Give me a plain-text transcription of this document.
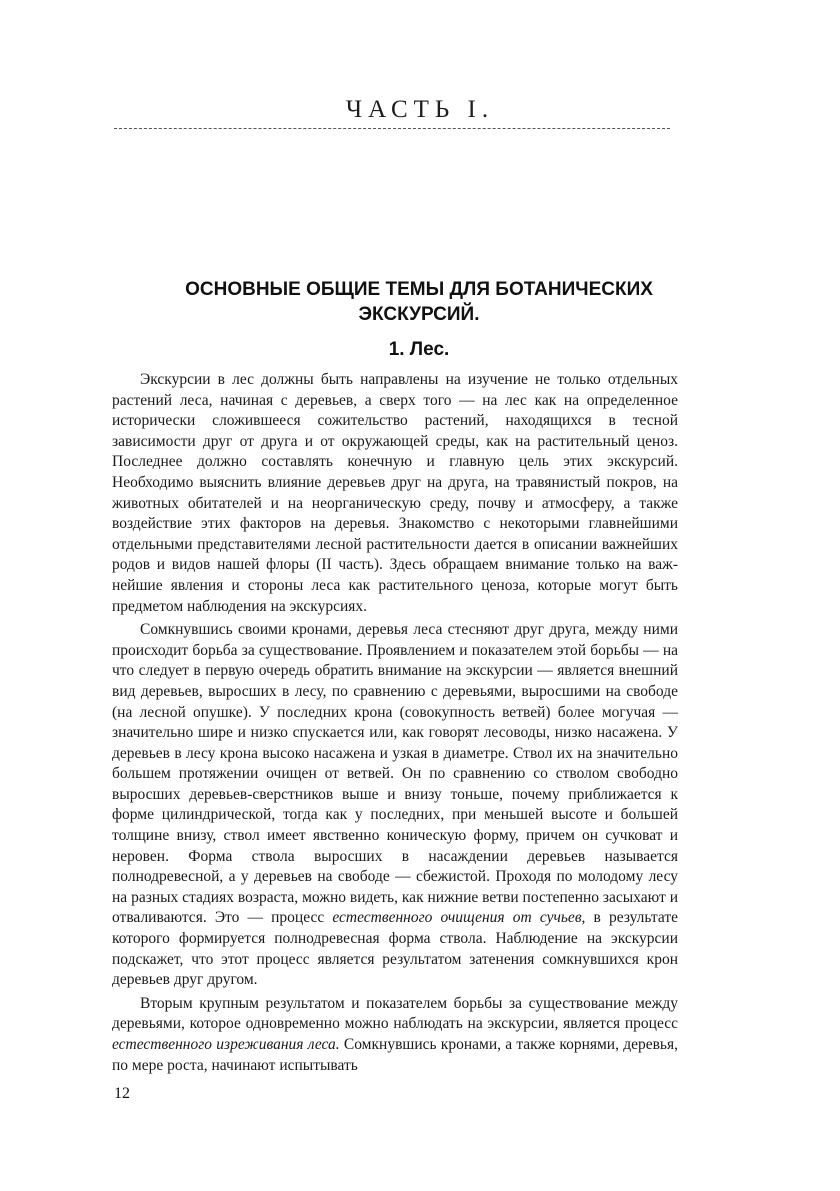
ЧАСТЬ I.
ОСНОВНЫЕ ОБЩИЕ ТЕМЫ ДЛЯ БОТАНИЧЕСКИХ
ЭКСКУРСИЙ.
1. Лес.

Экскурсии в лес должны быть направлены на изучение не только отдельных растений леса, начиная с деревьев, а сверх того — на лес как на определенное исторически сложившееся сожительство растений, находящихся в тесной зависимости друг от друга и от окружающей среды, как на растительный ценоз. Последнее должно составлять конечную и главную цель этих экскурсий. Необходимо выяснить влияние деревьев друг на друга, на травянистый покров, на животных обитателей и на неорганическую среду, почву и атмосферу, а также воздействие этих факторов на деревья. Знакомство с некоторыми главнейшими отдельными представителями лесной растительности дается в описании важнейших родов и видов нашей флоры (II часть). Здесь обращаем внимание только на важнейшие явления и стороны леса как растительного ценоза, которые могут быть предметом наблюдения на экскурсиях.

Сомкнувшись своими кронами, деревья леса стесняют друг друга, между ними происходит борьба за существование. Проявлением и показателем этой борьбы — на что следует в первую очередь обратить внимание на экскурсии — является внешний вид деревьев, выросших в лесу, по сравнению с деревьями, выросшими на свободе (на лесной опушке). У последних крона (совокупность ветвей) более могучая — значительно шире и низко спускается или, как говорят лесоводы, низко насажена. У деревьев в лесу крона высоко насажена и узкая в диаметре. Ствол их на значительно большем протяжении очищен от ветвей. Он по сравнению со стволом свободно выросших деревьев-сверстников выше и внизу тоньше, почему приближается к форме цилиндрической, тогда как у последних, при меньшей высоте и большей толщине внизу, ствол имеет явственно коническую форму, причем он сучковат и неровен. Форма ствола выросших в насаждении деревьев называется полнодревесной, а у деревьев на свободе — сбежистой. Проходя по молодому лесу на разных стадиях возраста, можно видеть, как нижние ветви постепенно засыхают и отваливаются. Это — процесс естественного очищения от сучьев, в результате которого формируется полнодревесная форма ствола. Наблюдение на экскурсии подскажет, что этот процесс является результатом затенения сомкнувшихся крон деревьев друг другом.

Вторым крупным результатом и показателем борьбы за существование между деревьями, которое одновременно можно наблюдать на экскурсии, является процесс естественного изреживания леса. Сомкнувшись кронами, а также корнями, деревья, по мере роста, начинают испытывать

12
